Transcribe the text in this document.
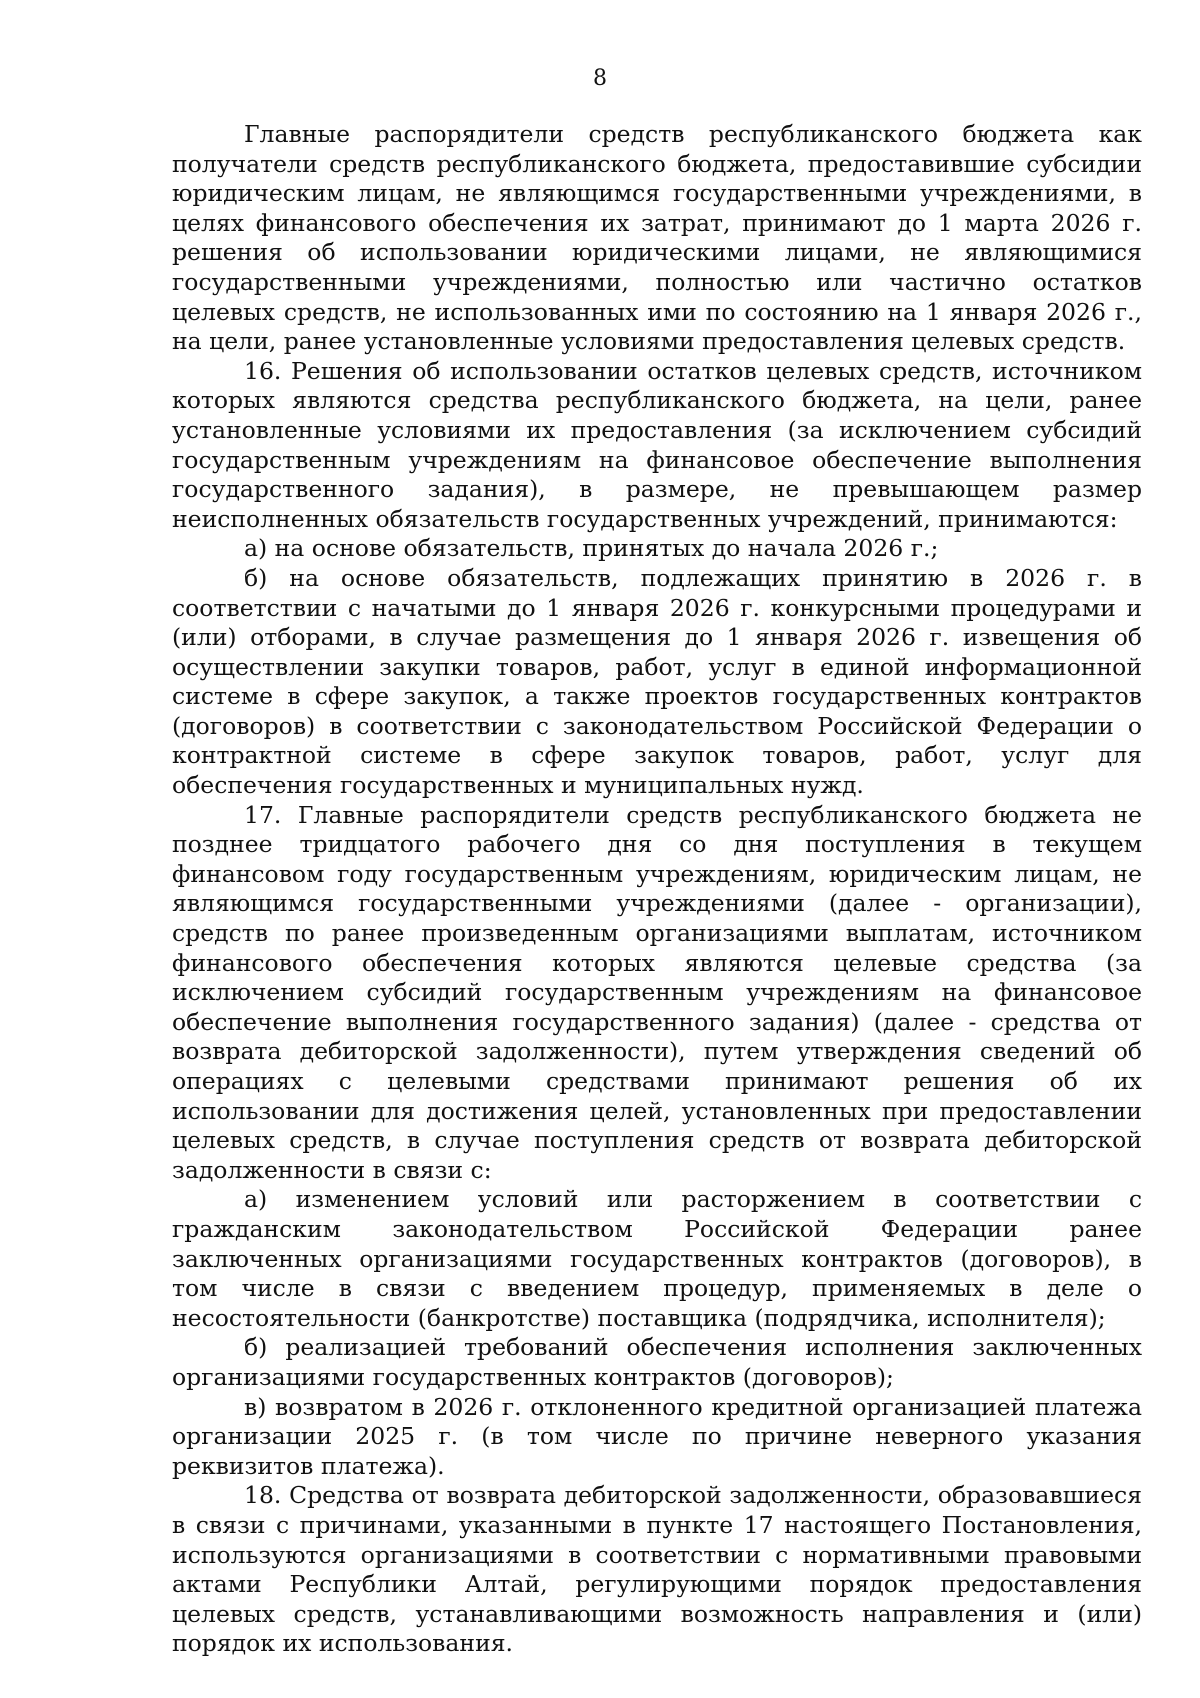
8

Главные распорядители средств республиканского бюджета как получатели средств республиканского бюджета, предоставившие субсидии юридическим лицам, не являющимся государственными учреждениями, в целях финансового обеспечения их затрат, принимают до 1 марта 2026 г. решения об использовании юридическими лицами, не являющимися государственными учреждениями, полностью или частично остатков целевых средств, не использованных ими по состоянию на 1 января 2026 г., на цели, ранее установленные условиями предоставления целевых средств.

16. Решения об использовании остатков целевых средств, источником которых являются средства республиканского бюджета, на цели, ранее установленные условиями их предоставления (за исключением субсидий государственным учреждениям на финансовое обеспечение выполнения государственного задания), в размере, не превышающем размер неисполненных обязательств государственных учреждений, принимаются:

а) на основе обязательств, принятых до начала 2026 г.;

б) на основе обязательств, подлежащих принятию в 2026 г. в соответствии с начатыми до 1 января 2026 г. конкурсными процедурами и (или) отборами, в случае размещения до 1 января 2026 г. извещения об осуществлении закупки товаров, работ, услуг в единой информационной системе в сфере закупок, а также проектов государственных контрактов (договоров) в соответствии с законодательством Российской Федерации о контрактной системе в сфере закупок товаров, работ, услуг для обеспечения государственных и муниципальных нужд.

17. Главные распорядители средств республиканского бюджета не позднее тридцатого рабочего дня со дня поступления в текущем финансовом году государственным учреждениям, юридическим лицам, не являющимся государственными учреждениями (далее - организации), средств по ранее произведенным организациями выплатам, источником финансового обеспечения которых являются целевые средства (за исключением субсидий государственным учреждениям на финансовое обеспечение выполнения государственного задания) (далее - средства от возврата дебиторской задолженности), путем утверждения сведений об операциях с целевыми средствами принимают решения об их использовании для достижения целей, установленных при предоставлении целевых средств, в случае поступления средств от возврата дебиторской задолженности в связи с:

а) изменением условий или расторжением в соответствии с гражданским законодательством Российской Федерации ранее заключенных организациями государственных контрактов (договоров), в том числе в связи с введением процедур, применяемых в деле о несостоятельности (банкротстве) поставщика (подрядчика, исполнителя);

б) реализацией требований обеспечения исполнения заключенных организациями государственных контрактов (договоров);

в) возвратом в 2026 г. отклоненного кредитной организацией платежа организации 2025 г. (в том числе по причине неверного указания реквизитов платежа).

18. Средства от возврата дебиторской задолженности, образовавшиеся в связи с причинами, указанными в пункте 17 настоящего Постановления, используются организациями в соответствии с нормативными правовыми актами Республики Алтай, регулирующими порядок предоставления целевых средств, устанавливающими возможность направления и (или) порядок их использования.
